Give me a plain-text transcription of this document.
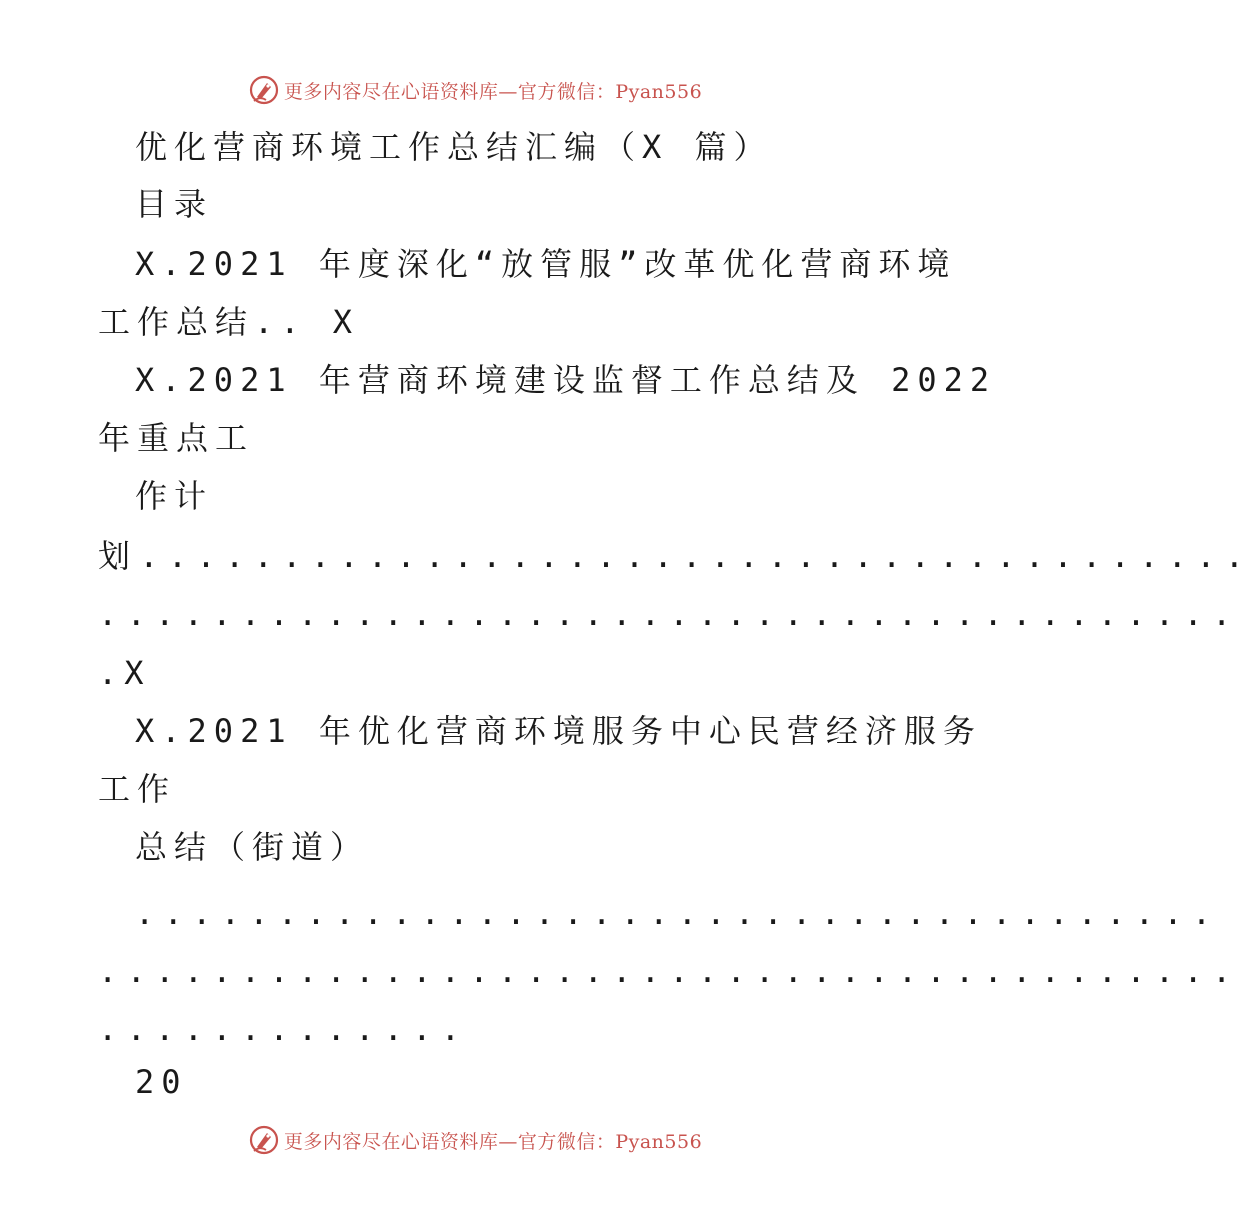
更多内容尽在心语资料库—官方微信：Pyan556

优化营商环境工作总结汇编（X 篇）

目录

X.2021 年度深化“放管服”改革优化营商环境

工作总结.. X

X.2021 年营商环境建设监督工作总结及 2022

年重点工

作计

划.......................................

........................................

.X

X.2021 年优化营商环境服务中心民营经济服务

工作

总结（街道）

......................................

........................................

.............

20

更多内容尽在心语资料库—官方微信：Pyan556
